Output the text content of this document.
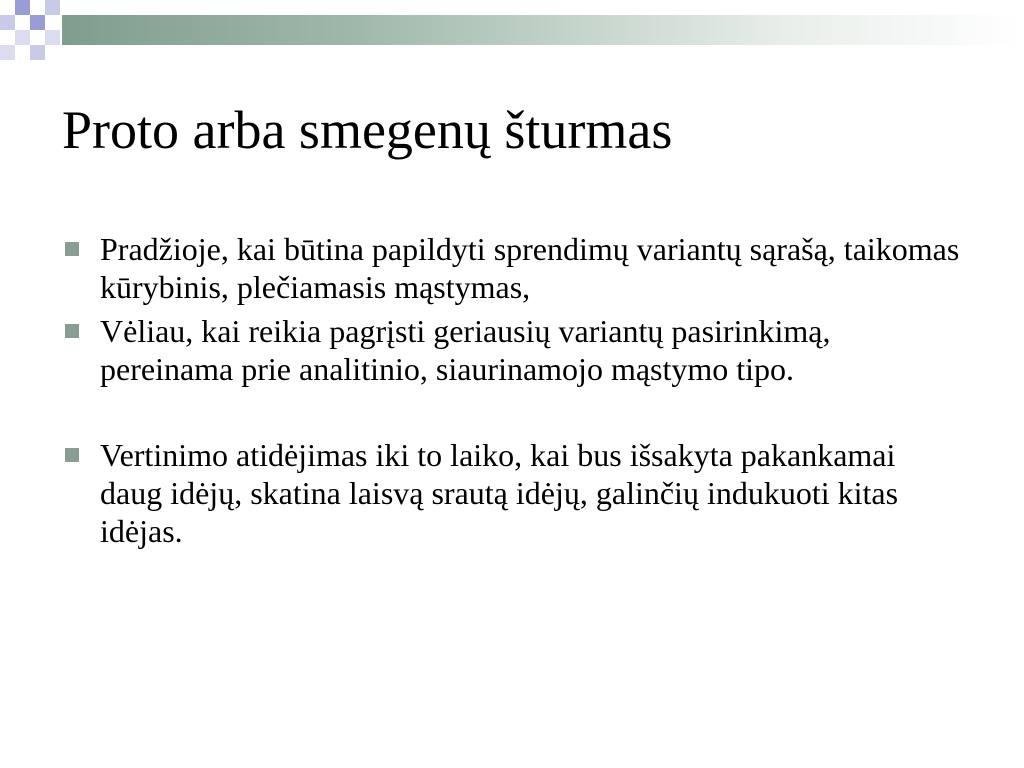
Proto arba smegenų šturmas
Pradžioje, kai būtina papildyti sprendimų variantų sąrašą, taikomas kūrybinis, plečiamasis mąstymas,
Vėliau, kai reikia pagrįsti geriausių variantų pasirinkimą, pereinama prie analitinio, siaurinamojo mąstymo tipo.
Vertinimo atidėjimas iki to laiko, kai bus išsakyta pakankamai daug idėjų, skatina laisvą srautą idėjų, galinčių indukuoti kitas idėjas.
